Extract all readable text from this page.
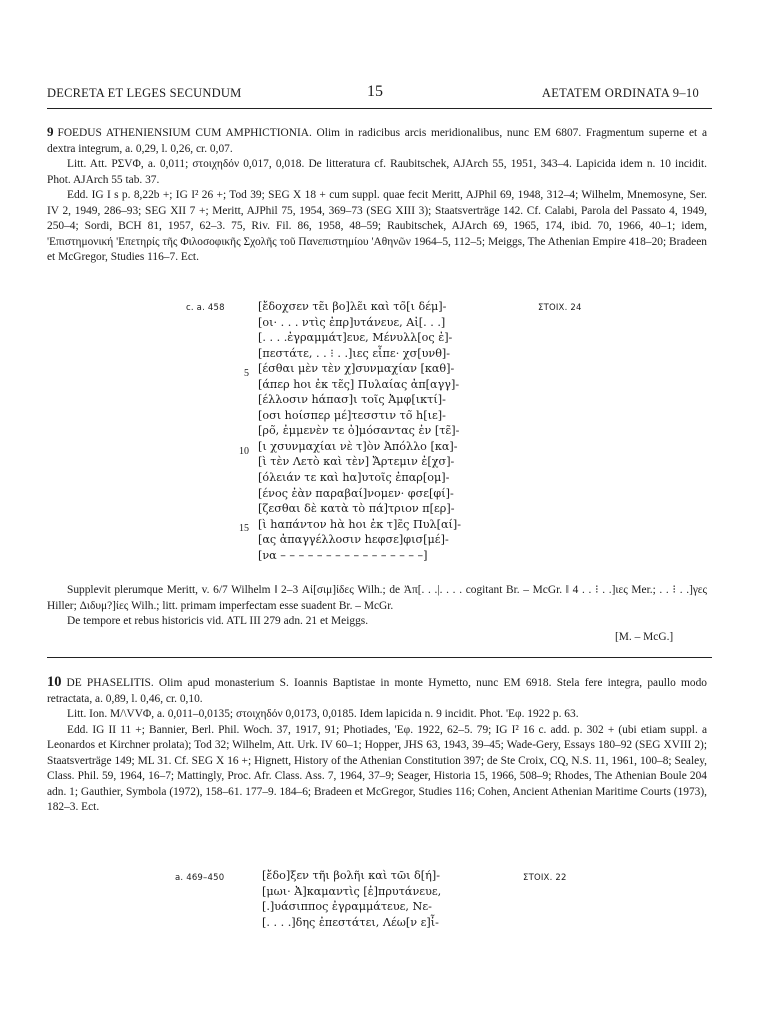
DECRETA ET LEGES SECUNDUM	15	AETATEM ORDINATA 9–10

9 FOEDUS ATHENIENSIUM CUM AMPHICTIONIA. Olim in radicibus arcis meridionalibus, nunc EM 6807. Fragmentum superne et a dextra integrum, a. 0,29, l. 0,26, cr. 0,07.

Litt. Att. PΣVΦ, a. 0,011; στοιχηδόν 0,017, 0,018. De litteratura cf. Raubitschek, AJArch 55, 1951, 343–4. Lapicida idem n. 10 incidit. Phot. AJArch 55 tab. 37.

Edd. IG I s p. 8,22b +; IG I² 26 +; Tod 39; SEG X 18 + cum suppl. quae fecit Meritt, AJPhil 69, 1948, 312–4; Wilhelm, Mnemosyne, Ser. IV 2, 1949, 286–93; SEG XII 7 +; Meritt, AJPhil 75, 1954, 369–73 (SEG XIII 3); Staatsverträge 142. Cf. Calabi, Parola del Passato 4, 1949, 250–4; Sordi, BCH 81, 1957, 62–3. 75, Riv. Fil. 86, 1958, 48–59; Raubitschek, AJArch 69, 1965, 174, ibid. 70, 1966, 40–1; idem, 'Επιστημονική 'Επετηρίς τῆς Φιλοσοφικῆς Σχολῆς τοῦ Πανεπιστημίου 'Αθηνῶν 1964–5, 112–5; Meiggs, The Athenian Empire 418–20; Bradeen et McGregor, Studies 116–7. Ect.

c. a. 458	ΣΤΟΙΧ. 24
5
10
15
[ἔδοχσεν τε̃ι βο]λε̃ι καὶ το̃[ι δέμ]-
[οι· . . . ντὶς ἐπρ]υτάνευε, Αἰ[. . .]
[. . . .ἐγραμμάτ]ευε, Μένυλλ[ος ἐ]-
[πεστάτε, . . ⁝ . .]ιες εἶπε· χσ[υνθ]-
[έσθαι μὲν τὲν χ]συνμαχίαν [καθ]-
[άπερ hοι ἐκ τε̃ς] Πυλαίας ἀπ[αγγ]-
[έλλοσιν hάπασ]ι τοῖς Ἀμφ[ικτί]-
[οσι hοίσπερ μέ]τεσστιν το̃ h[ιε]-
[ρο̃, ἐμμενὲν τε ὀ]μόσαντας ἐν [τε̃]-
[ι χσυνμαχίαι νὲ τ]ὸν Ἀπόλλο [κα]-
[ὶ τὲν Λετὸ καὶ τὲν] Ἄρτεμιν ἐ[χσ]-
[όλειάν τε καὶ hα]υτοῖς ἐπαρ[ομ]-
[ένος ἐὰν παραβαί]νομεν· φσε[φί]-
[ζεσθαι δὲ κατὰ τὸ πά]τριον π[ερ]-
[ὶ hαπάντον hὰ hοι ἐκ τ]ε̃ς Πυλ[αί]-
[ας ἀπαγγέλλοσιν hεφσε]φισ[μέ]-
[να – – – – – – – – – – – – – – – –]

Supplevit plerumque Meritt, v. 6/7 Wilhelm ‖ 2–3 Αἰ[σιμ]ίδες Wilh.; de Ἀπ[. . .|. . . . cogitant Br. – McGr. ‖ 4 . . ⁝ . .]ιες Mer.; . . ⁝ . .]γες Hiller; Διδυμ?]ίες Wilh.; litt. primam imperfectam esse suadent Br. – McGr.

De tempore et rebus historicis vid. ATL III 279 adn. 21 et Meiggs.

[M. – McG.]

10 DE PHASELITIS. Olim apud monasterium S. Ioannis Baptistae in monte Hymetto, nunc EM 6918. Stela fere integra, paullo modo retractata, a. 0,89, l. 0,46, cr. 0,10.

Litt. Ion. M/\VVΦ, a. 0,011–0,0135; στοιχηδόν 0,0173, 0,0185. Idem lapicida n. 9 incidit. Phot. 'Εφ. 1922 p. 63.

Edd. IG II 11 +; Bannier, Berl. Phil. Woch. 37, 1917, 91; Photiades, 'Εφ. 1922, 62–5. 79; IG I² 16 c. add. p. 302 + (ubi etiam suppl. a Leonardos et Kirchner prolata); Tod 32; Wilhelm, Att. Urk. IV 60–1; Hopper, JHS 63, 1943, 39–45; Wade-Gery, Essays 180–92 (SEG XVIII 2); Staatsverträge 149; ML 31. Cf. SEG X 16 +; Hignett, History of the Athenian Constitution 397; de Ste Croix, CQ, N.S. 11, 1961, 100–8; Sealey, Class. Phil. 59, 1964, 16–7; Mattingly, Proc. Afr. Class. Ass. 7, 1964, 37–9; Seager, Historia 15, 1966, 508–9; Rhodes, The Athenian Boule 204 adn. 1; Gauthier, Symbola (1972), 158–61. 177–9. 184–6; Bradeen et McGregor, Studies 116; Cohen, Ancient Athenian Maritime Courts (1973), 182–3. Ect.

a. 469–450	ΣΤΟΙΧ. 22
[ἔδο]ξεν τῆι βολῆι καὶ τῶι δ[ή]-
[μωι· Ἀ]καμαντὶς [ἐ]πρυτάνευε,
[.]υάσιππος ἐγραμμάτευε, Νε-
[. . . .]δης ἐπεστάτει, Λέω[ν ε]ἶ-
